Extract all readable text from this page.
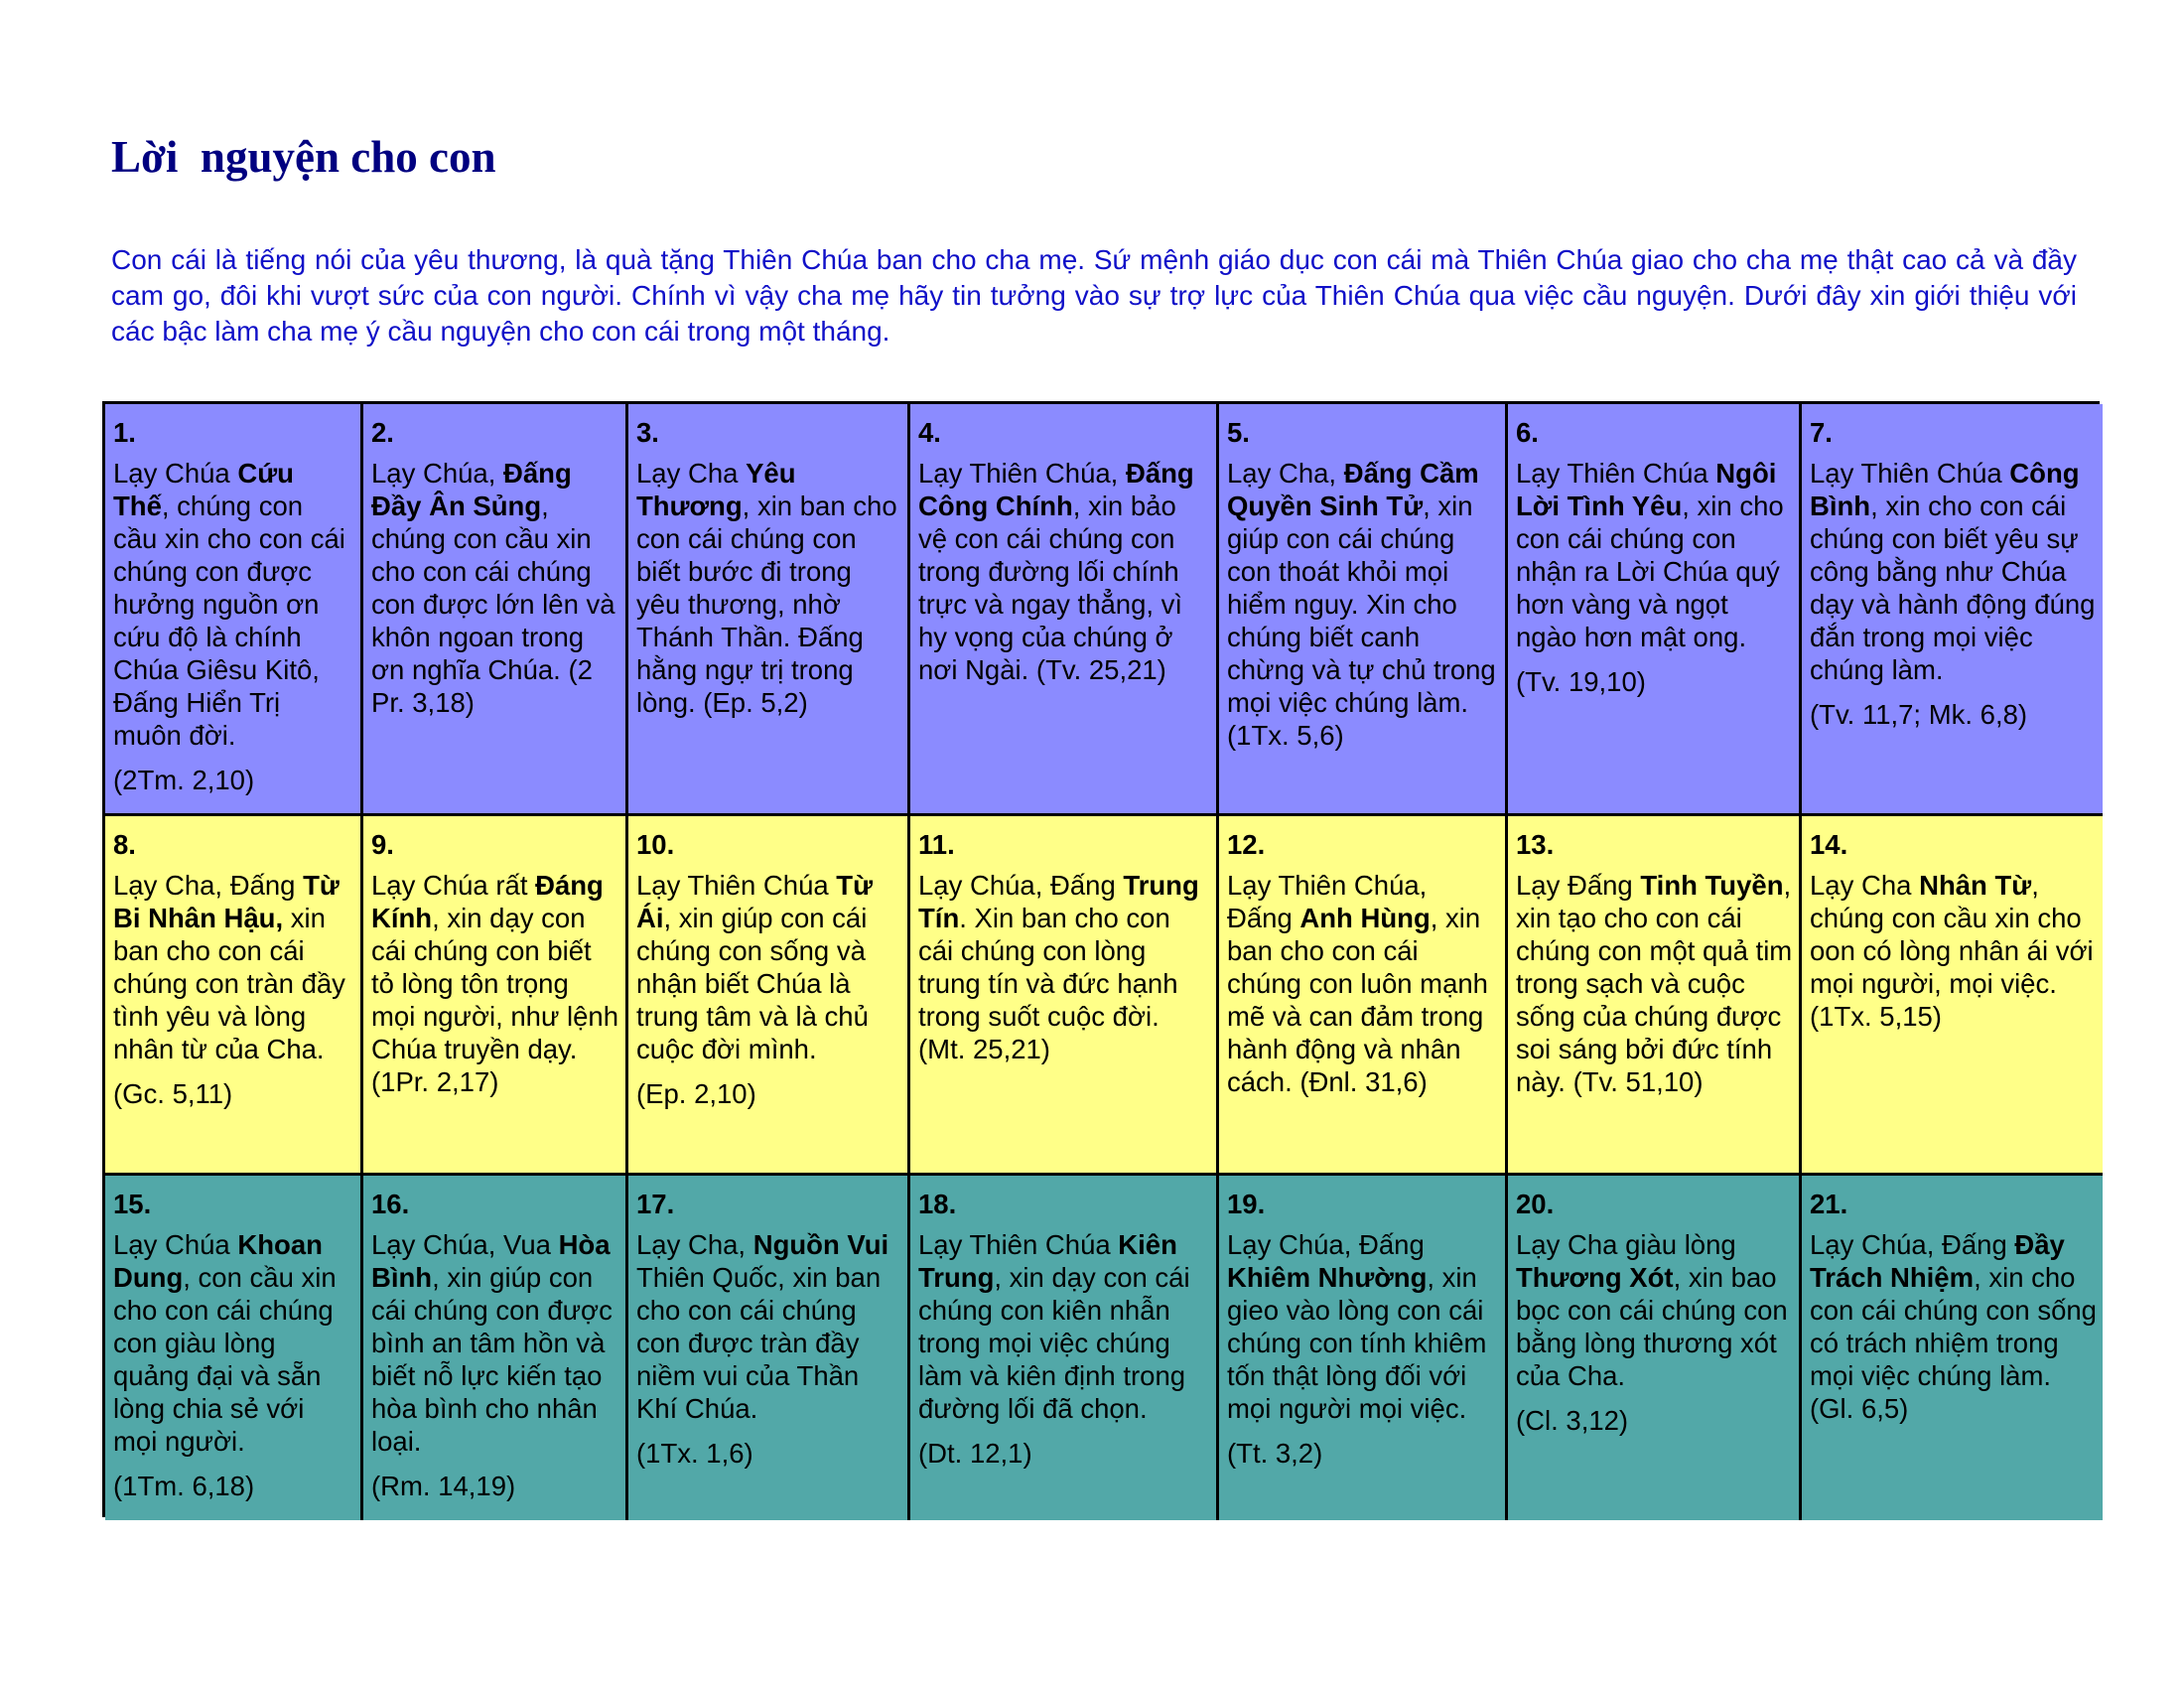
Lời  nguyện cho con

Con cái là tiếng nói của yêu thương, là quà tặng Thiên Chúa ban cho cha mẹ. Sứ mệnh giáo dục con cái mà Thiên Chúa giao cho cha mẹ thật cao cả và đầy cam go, đôi khi vượt sức của con người. Chính vì vậy cha mẹ hãy tin tưởng vào sự trợ lực của Thiên Chúa qua việc cầu nguyện. Dưới đây xin giới thiệu với các bậc làm cha mẹ ý cầu nguyện cho con cái trong một tháng.

1.
Lạy Chúa Cứu Thế, chúng con cầu xin cho con cái chúng con được hưởng nguồn ơn cứu độ là chính Chúa Giêsu Kitô, Đấng Hiển Trị muôn đời.
(2Tm. 2,10)
2.
Lạy Chúa, Đấng Đầy Ân Sủng, chúng con cầu xin cho con cái chúng con được lớn lên và khôn ngoan trong ơn nghĩa Chúa. (2 Pr. 3,18)
3.
Lạy Cha Yêu Thương, xin ban cho con cái chúng con biết bước đi trong yêu thương, nhờ Thánh Thần. Đấng hằng ngự trị trong lòng. (Ep. 5,2)
4.
Lạy Thiên Chúa, Đấng Công Chính, xin bảo vệ con cái chúng con trong đường lối chính trực và ngay thẳng, vì hy vọng của chúng ở nơi Ngài. (Tv. 25,21)
5.
Lạy Cha, Đấng Cầm Quyền Sinh Tử, xin giúp con cái chúng con thoát khỏi mọi hiểm nguy. Xin cho chúng biết canh chừng và tự chủ trong mọi việc chúng làm. (1Tx. 5,6)
6.
Lạy Thiên Chúa Ngôi Lời Tình Yêu, xin cho con cái chúng con nhận ra Lời Chúa quý hơn vàng và ngọt ngào hơn mật ong.
(Tv. 19,10)
7.
Lạy Thiên Chúa Công Bình, xin cho con cái chúng con biết yêu sự công bằng như Chúa dạy và hành động đúng đắn trong mọi việc chúng làm.
(Tv. 11,7; Mk. 6,8)
8.
Lạy Cha, Đấng Từ Bi Nhân Hậu, xin ban cho con cái chúng con tràn đầy tình yêu và lòng nhân từ của Cha.
(Gc. 5,11)
9.
Lạy Chúa rất Đáng Kính, xin dạy con cái chúng con biết tỏ lòng tôn trọng mọi người, như lệnh Chúa truyền dạy. (1Pr. 2,17)
10.
Lạy Thiên Chúa Từ Ái, xin giúp con cái chúng con sống và nhận biết Chúa là trung tâm và là chủ cuộc đời mình.
(Ep. 2,10)
11.
Lạy Chúa, Đấng Trung Tín. Xin ban cho con cái chúng con lòng trung tín và đức hạnh trong suốt cuộc đời. (Mt. 25,21)
12.
Lạy Thiên Chúa, Đấng Anh Hùng, xin ban cho con cái chúng con luôn mạnh mẽ và can đảm trong hành động và nhân cách. (Đnl. 31,6)
13.
Lạy Đấng Tinh Tuyền, xin tạo cho con cái chúng con một quả tim trong sạch và cuộc sống của chúng được soi sáng bởi đức tính này. (Tv. 51,10)
14.
Lạy Cha Nhân Từ, chúng con cầu xin cho oon có lòng nhân ái với mọi người, mọi việc. (1Tx. 5,15)
15.
Lạy Chúa Khoan Dung, con cầu xin cho con cái chúng con giàu lòng quảng đại và sẵn lòng chia sẻ với mọi người.
(1Tm. 6,18)
16.
Lạy Chúa, Vua Hòa Bình, xin giúp con cái chúng con được bình an tâm hồn và biết nỗ lực kiến tạo hòa bình cho nhân loại.
(Rm. 14,19)
17.
Lạy Cha, Nguồn Vui Thiên Quốc, xin ban cho con cái chúng con được tràn đầy niềm vui của Thần Khí Chúa.
(1Tx. 1,6)
18.
Lạy Thiên Chúa Kiên Trung, xin dạy con cái chúng con kiên nhẫn trong mọi việc chúng làm và kiên định trong đường lối đã chọn.
(Dt. 12,1)
19.
Lạy Chúa, Đấng Khiêm Nhường, xin gieo vào lòng con cái chúng con tính khiêm tốn thật lòng đối với mọi người mọi việc.
(Tt. 3,2)
20.
Lạy Cha giàu lòng Thương Xót, xin bao bọc con cái chúng con bằng lòng thương xót của Cha.
(Cl. 3,12)
21.
Lạy Chúa, Đấng Đầy Trách Nhiệm, xin cho con cái chúng con sống có trách nhiệm trong mọi việc chúng làm. (Gl. 6,5)
